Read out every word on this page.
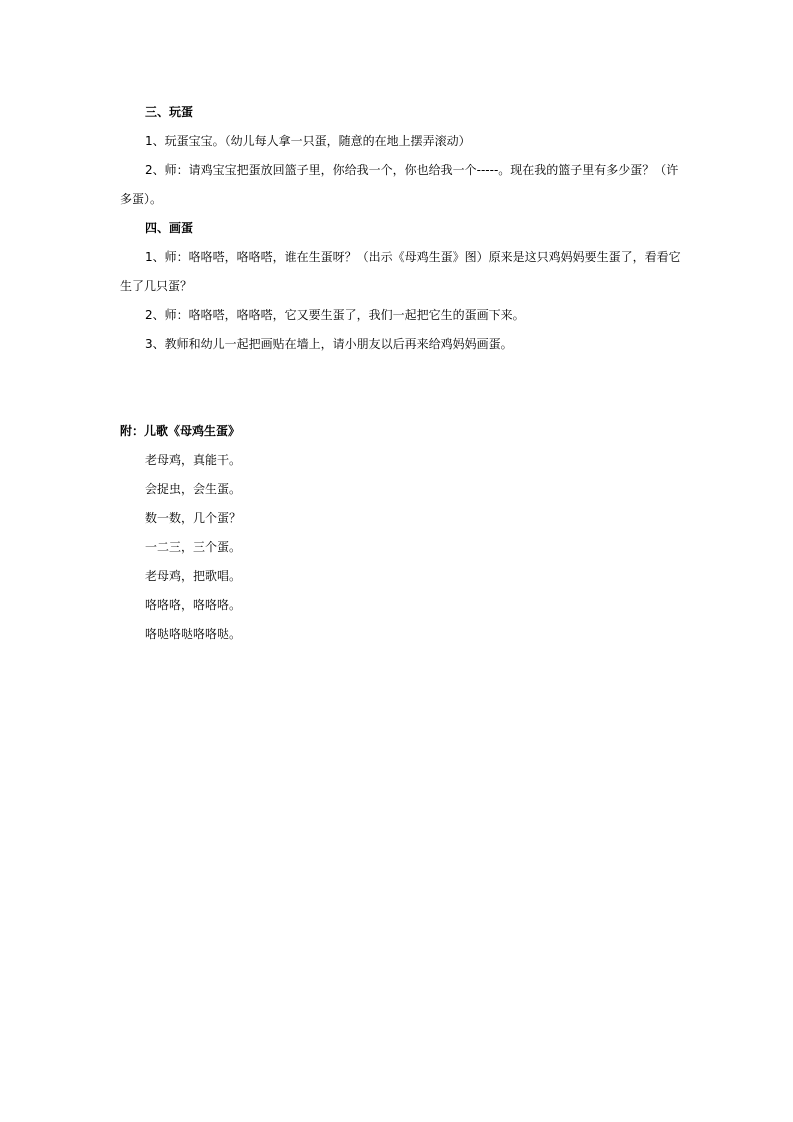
三、玩蛋
1、玩蛋宝宝。（幼儿每人拿一只蛋，随意的在地上摆弄滚动）
2、师：请鸡宝宝把蛋放回篮子里，你给我一个，你也给我一个-----。现在我的篮子里有多少蛋？（许
多蛋）。
四、画蛋
1、师：咯咯嗒，咯咯嗒，谁在生蛋呀？（出示《母鸡生蛋》图）原来是这只鸡妈妈要生蛋了，看看它
生了几只蛋？
2、师：咯咯嗒，咯咯嗒，它又要生蛋了，我们一起把它生的蛋画下来。
3、教师和幼儿一起把画贴在墙上，请小朋友以后再来给鸡妈妈画蛋。
附：儿歌《母鸡生蛋》
老母鸡，真能干。
会捉虫，会生蛋。
数一数，几个蛋？
一二三，三个蛋。
老母鸡，把歌唱。
咯咯咯，咯咯咯。
咯哒咯哒咯咯哒。
